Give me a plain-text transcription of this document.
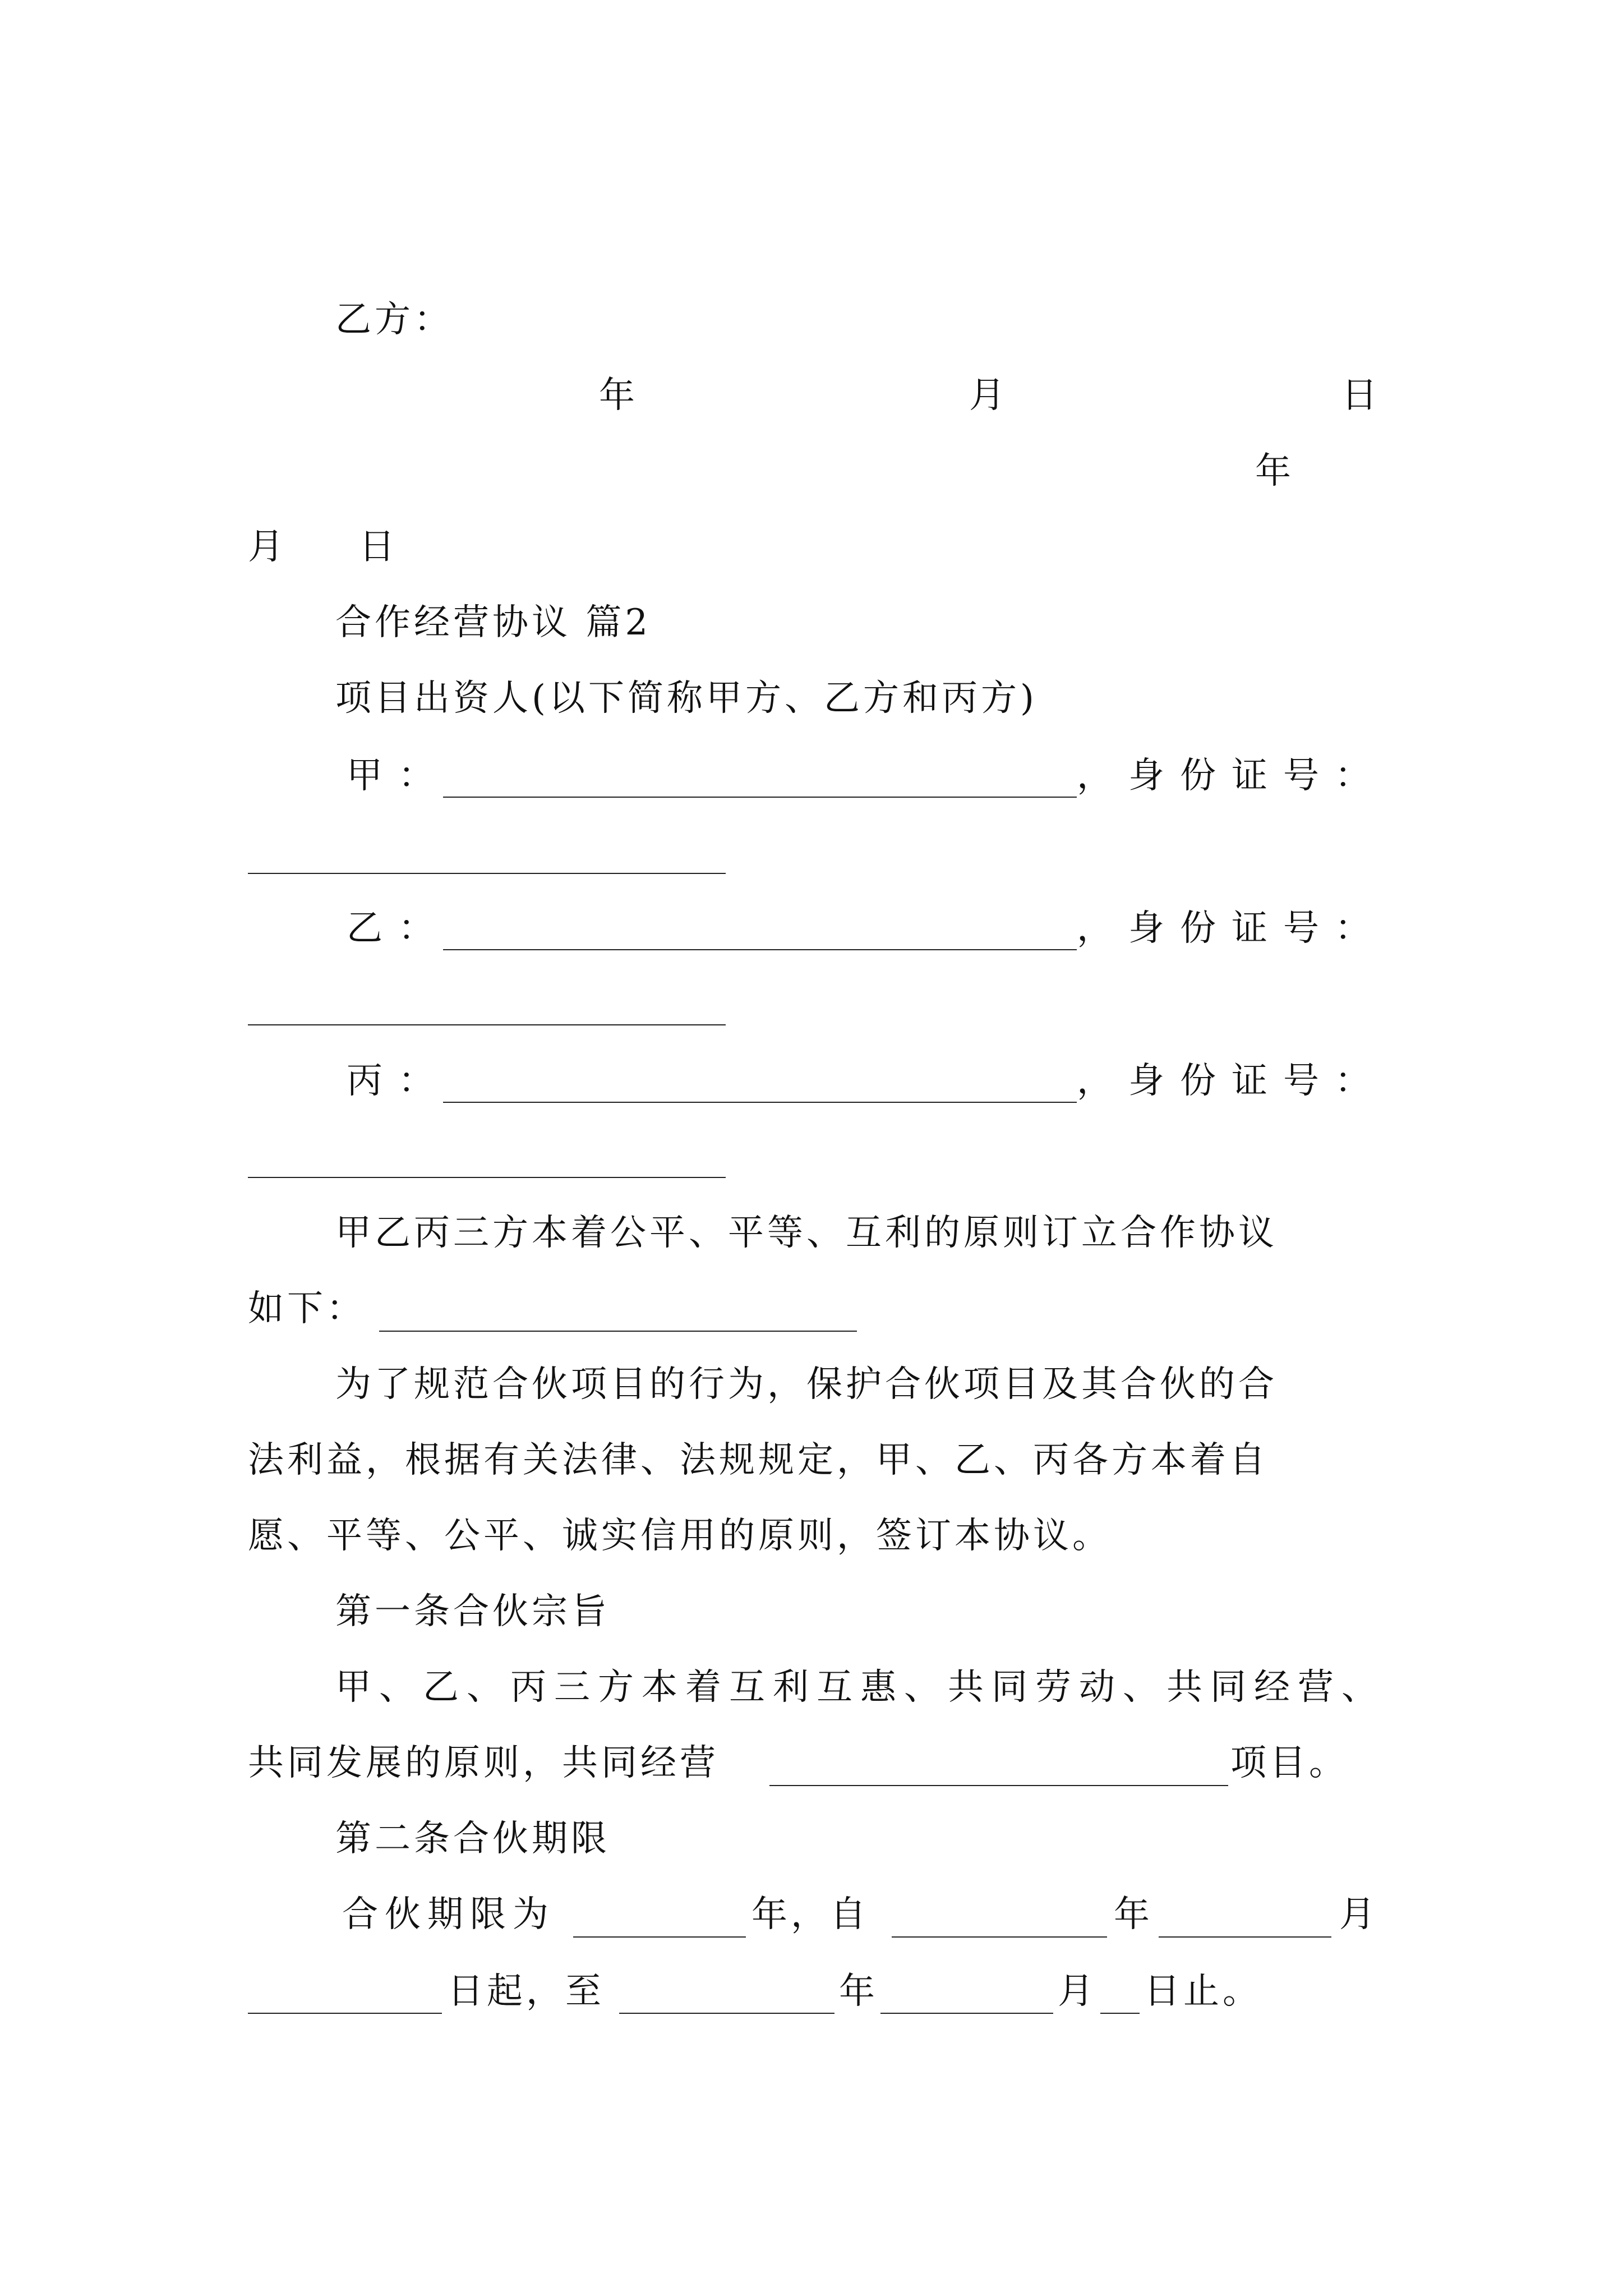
乙方：
年	月	日
年
月 日
合作经营协议 篇2
项目出资人(以下简称甲方、乙方和丙方)
甲：	，身份证号：
乙：	，身份证号：
丙：	，身份证号：
甲乙丙三方本着公平、平等、互利的原则订立合作协议
如下：
为了规范合伙项目的行为，保护合伙项目及其合伙的合
法利益，根据有关法律、法规规定，甲、乙、丙各方本着自
愿、平等、公平、诚实信用的原则，签订本协议。
第一条合伙宗旨
甲、乙、丙三方本着互利互惠、共同劳动、共同经营、
共同发展的原则，共同经营	项目。
第二条合伙期限
合伙期限为	年，自	年	月
日起，至	年	月 日止。
